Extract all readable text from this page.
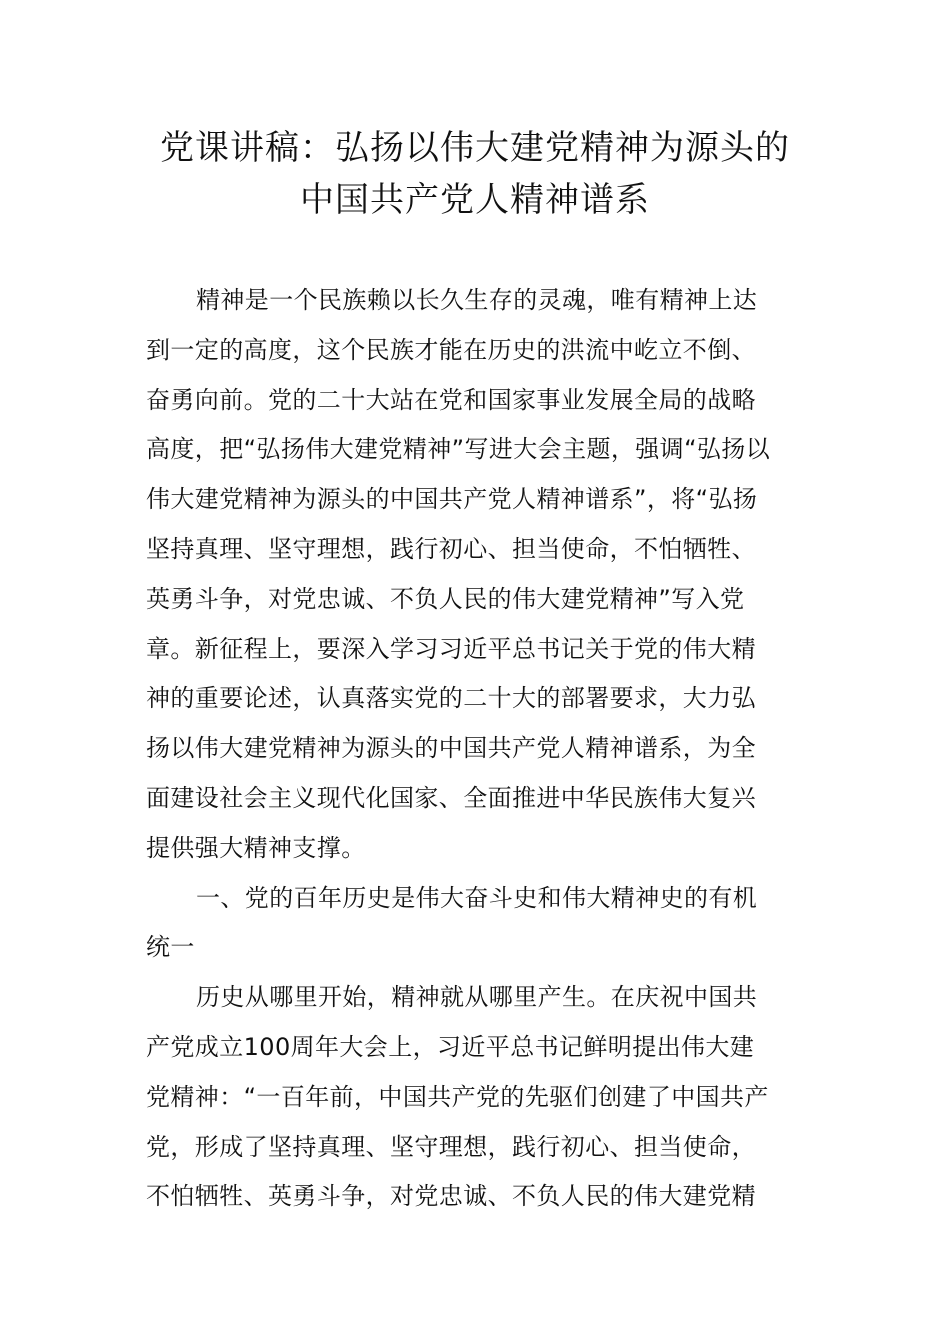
党课讲稿：弘扬以伟大建党精神为源头的
中国共产党人精神谱系
精神是一个民族赖以长久生存的灵魂，唯有精神上达
到一定的高度，这个民族才能在历史的洪流中屹立不倒、
奋勇向前。党的二十大站在党和国家事业发展全局的战略
高度，把“弘扬伟大建党精神”写进大会主题，强调“弘扬以
伟大建党精神为源头的中国共产党人精神谱系”，将“弘扬
坚持真理、坚守理想，践行初心、担当使命，不怕牺牲、
英勇斗争，对党忠诚、不负人民的伟大建党精神”写入党
章。新征程上，要深入学习习近平总书记关于党的伟大精
神的重要论述，认真落实党的二十大的部署要求，大力弘
扬以伟大建党精神为源头的中国共产党人精神谱系，为全
面建设社会主义现代化国家、全面推进中华民族伟大复兴
提供强大精神支撑。
一、党的百年历史是伟大奋斗史和伟大精神史的有机
统一
历史从哪里开始，精神就从哪里产生。在庆祝中国共
产党成立100周年大会上，习近平总书记鲜明提出伟大建
党精神：“一百年前，中国共产党的先驱们创建了中国共产
党，形成了坚持真理、坚守理想，践行初心、担当使命，
不怕牺牲、英勇斗争，对党忠诚、不负人民的伟大建党精
